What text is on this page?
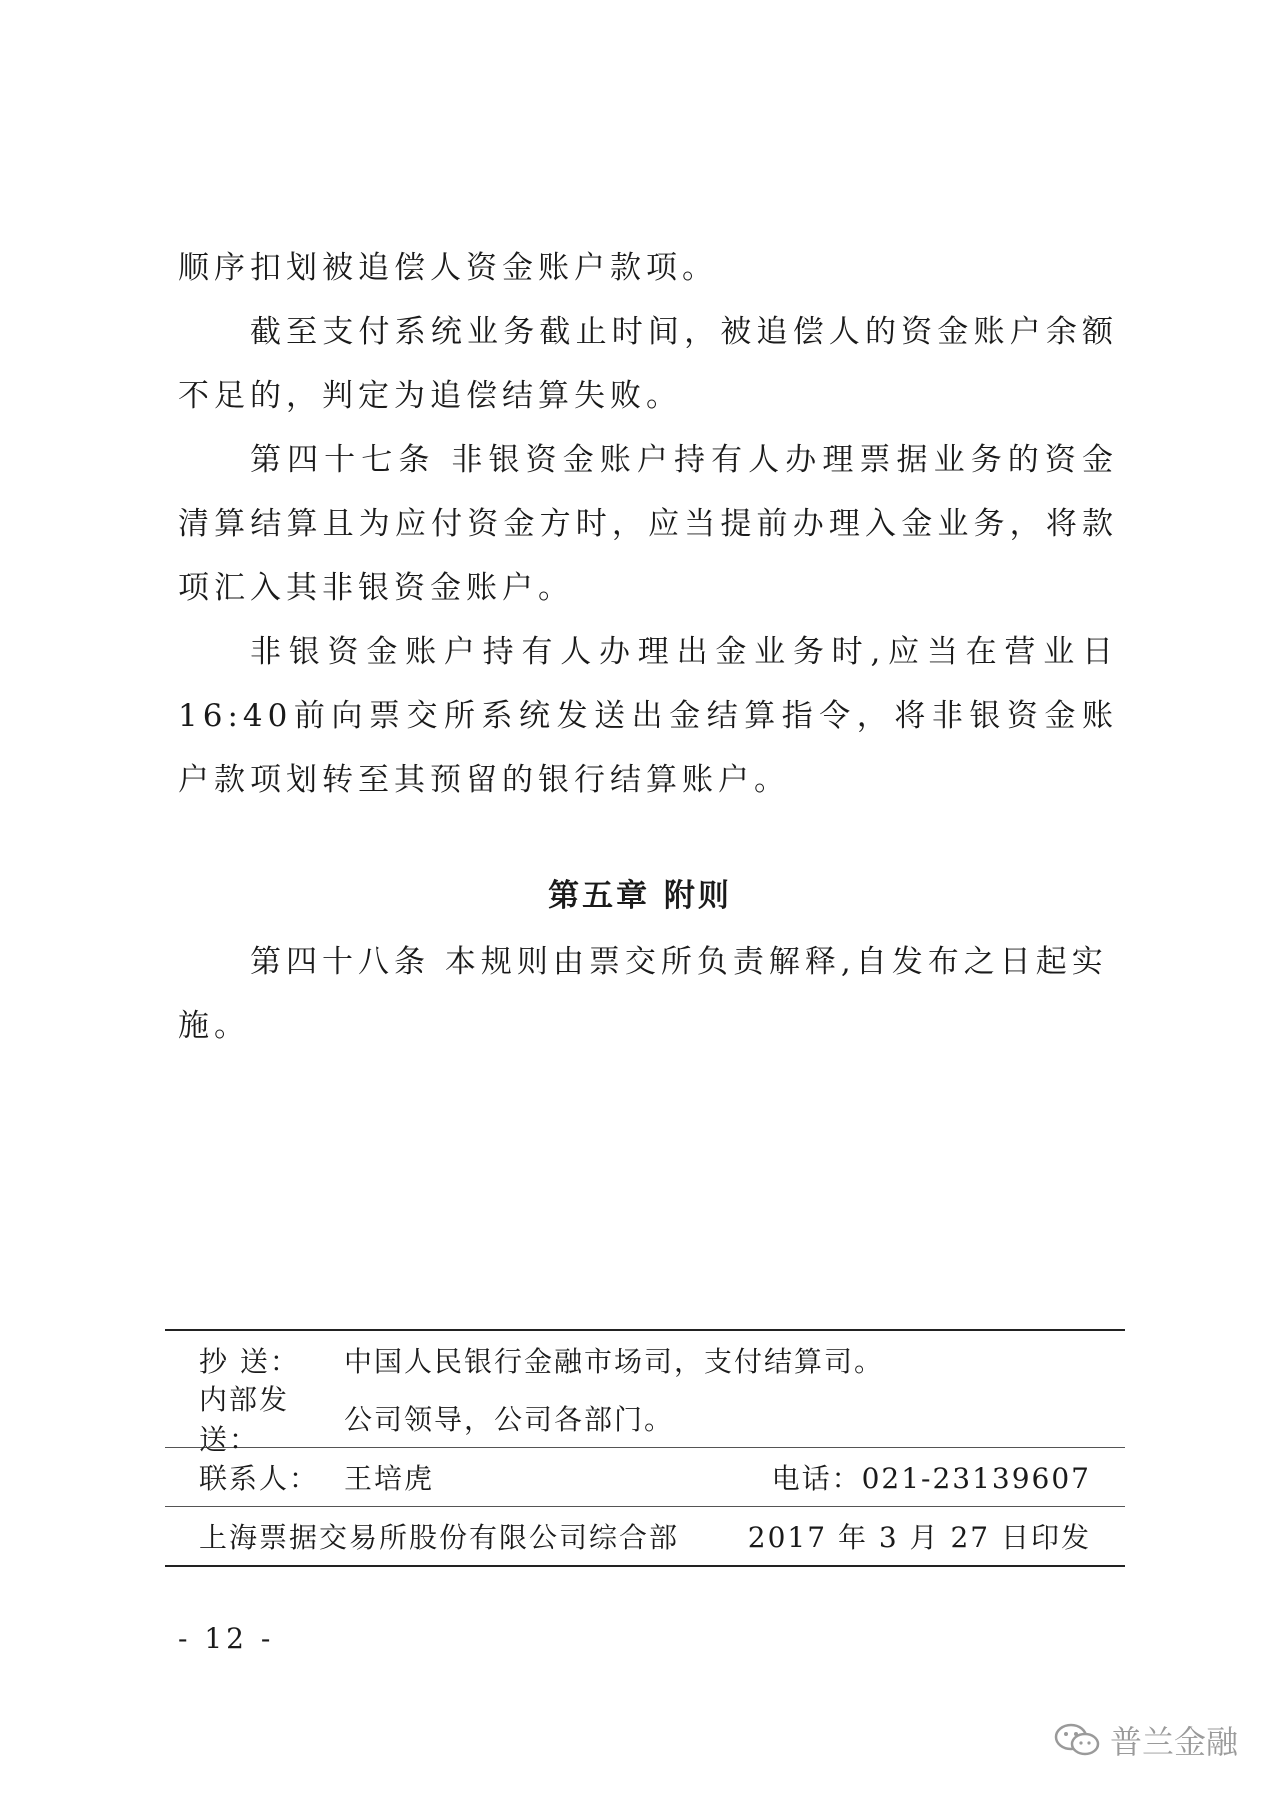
顺序扣划被追偿人资金账户款项。

截至支付系统业务截止时间，被追偿人的资金账户余额不足的，判定为追偿结算失败。

第四十七条 非银资金账户持有人办理票据业务的资金清算结算且为应付资金方时，应当提前办理入金业务，将款项汇入其非银资金账户。

非银资金账户持有人办理出金业务时,应当在营业日16:40前向票交所系统发送出金结算指令，将非银资金账户款项划转至其预留的银行结算账户。

第五章 附则

第四十八条 本规则由票交所负责解释,自发布之日起实施。

抄 送：	中国人民银行金融市场司，支付结算司。
内部发送：
公司领导，公司各部门。
联系人： 王培虎	电话：021-23139607
上海票据交易所股份有限公司综合部 2017 年 3 月 27 日印发
- 12 -
普兰金融
